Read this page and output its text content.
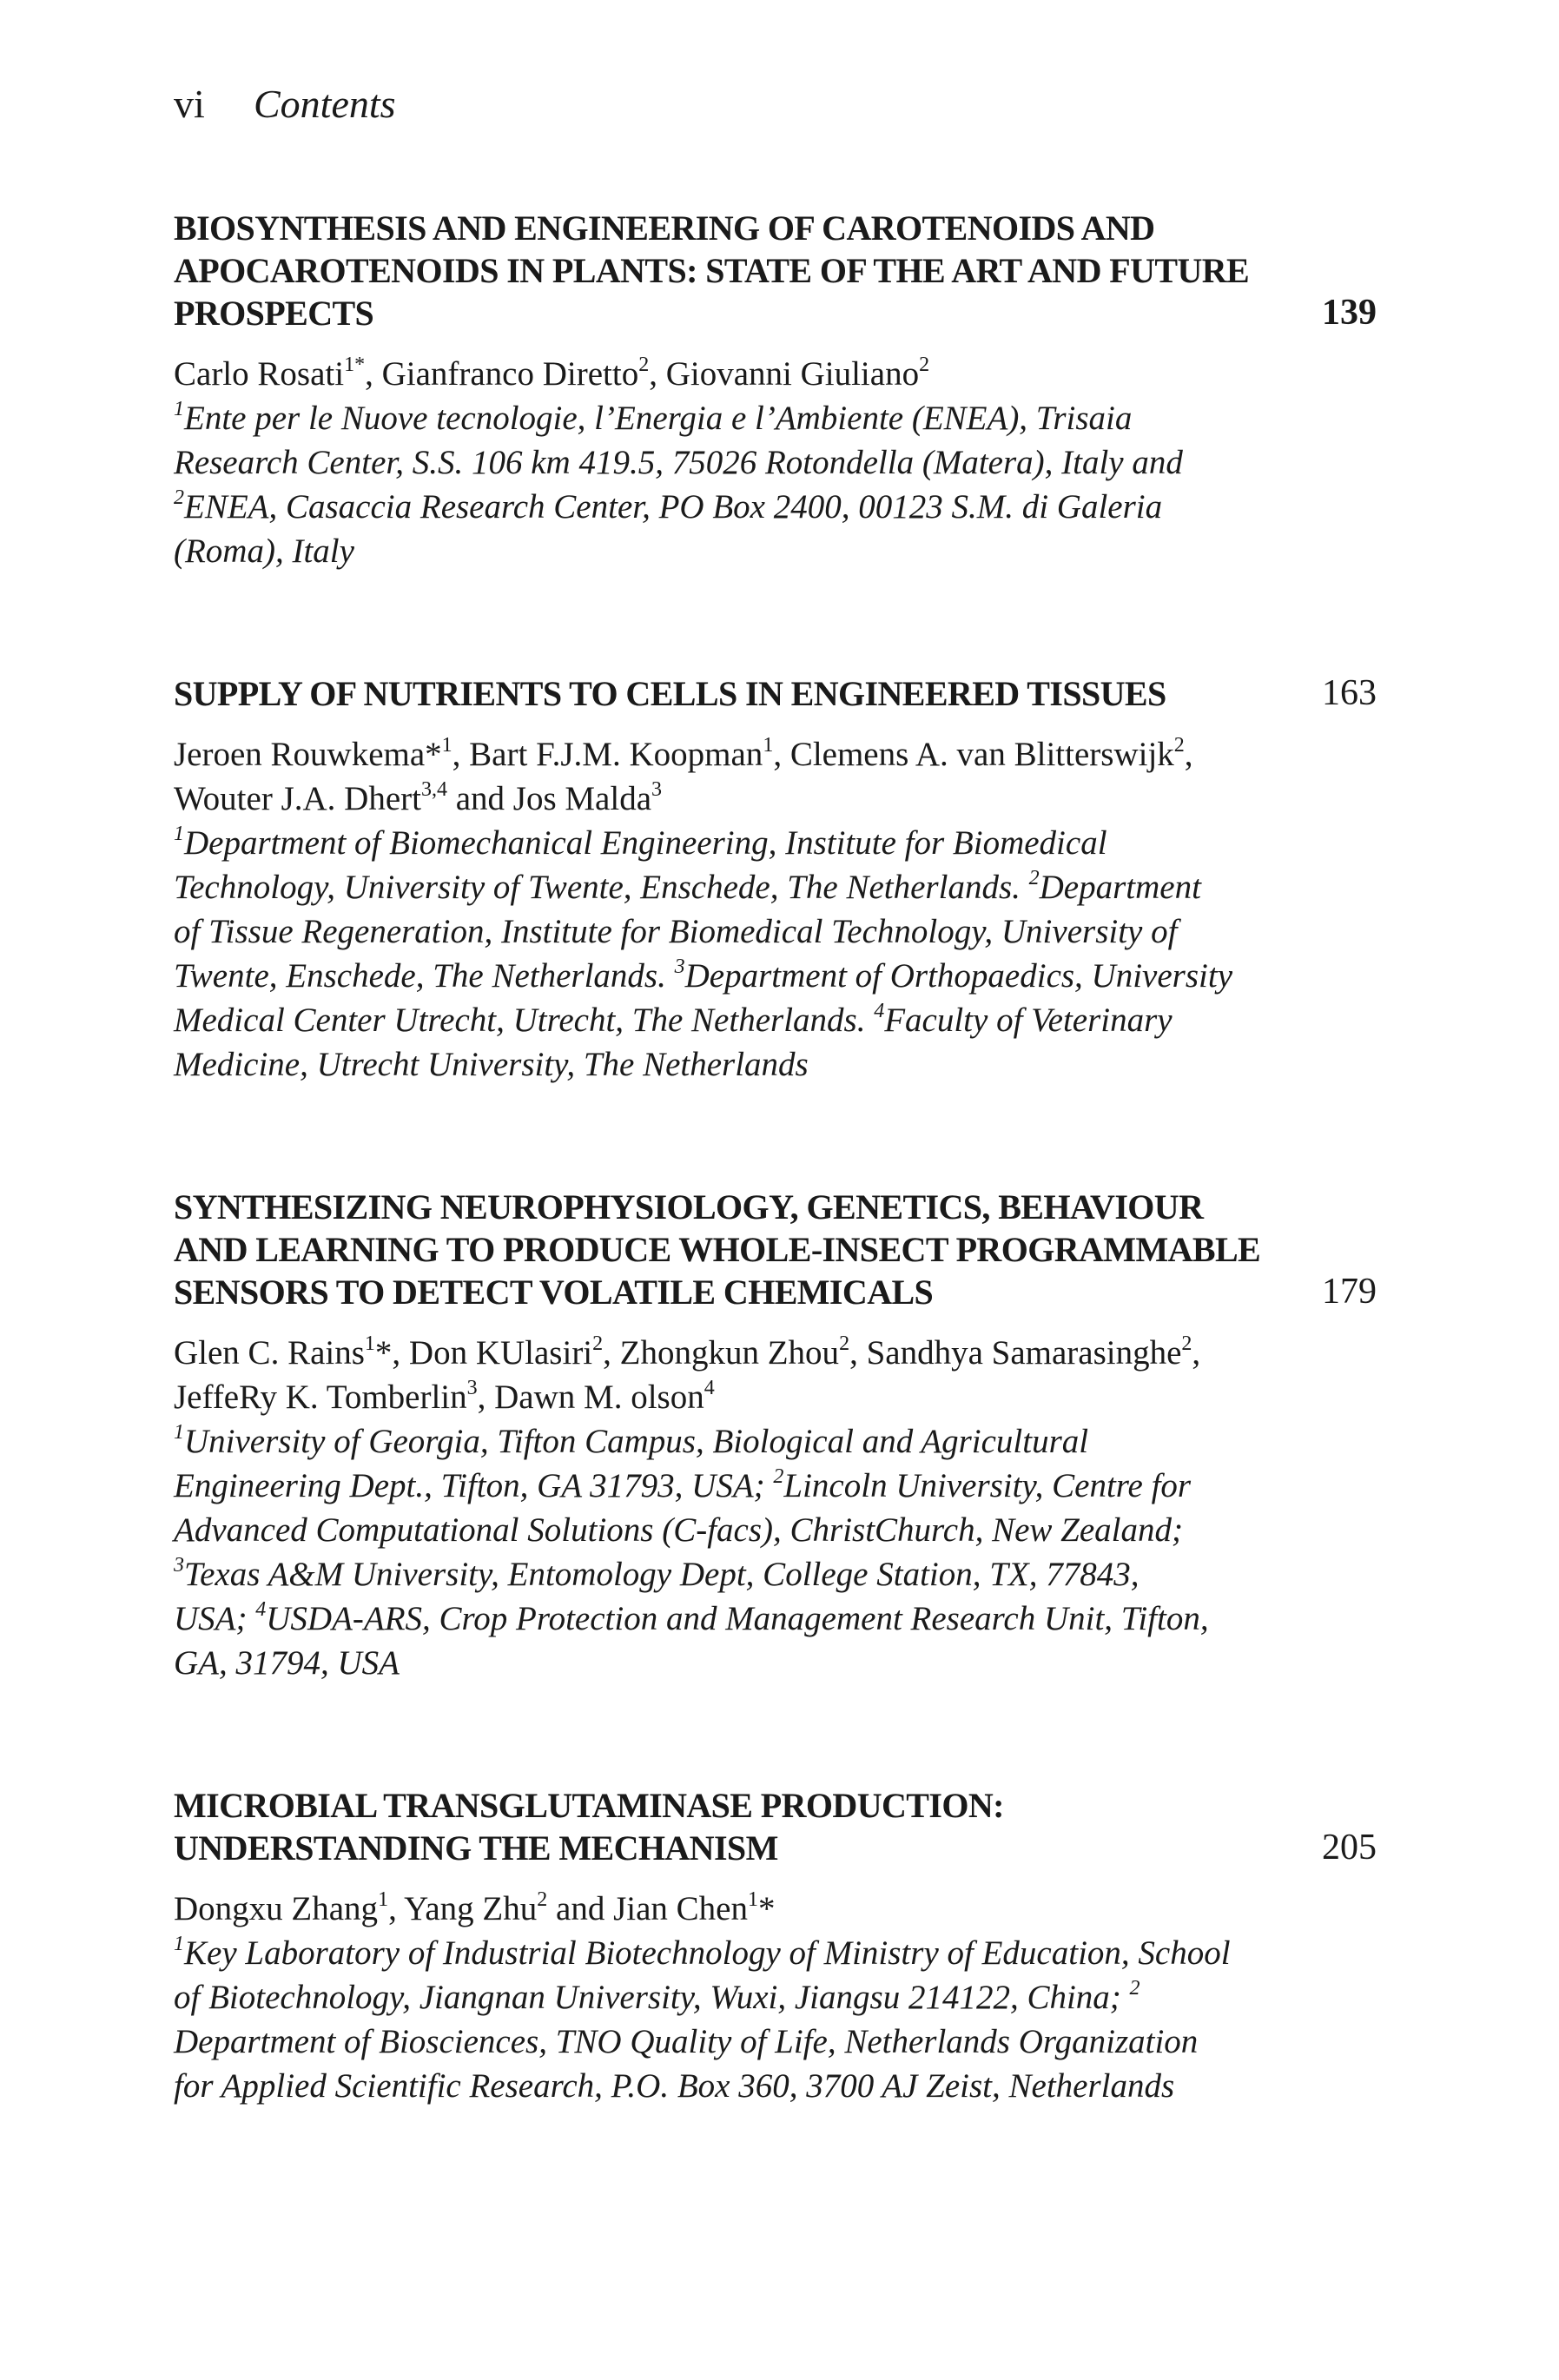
vi Contents
BIOSYNTHESIS AND ENGINEERING OF CAROTENOIDS AND
APOCAROTENOIDS IN PLANTS: STATE OF THE ART AND FUTURE
PROSPECTS	139
Carlo Rosati$^{1*}$, Gianfranco Diretto$^2$, Giovanni Giuliano$^2$
$^1$Ente per le Nuove tecnologie, l’Energia e l’Ambiente (ENEA), Trisaia
Research Center, S.S. 106 km 419.5, 75026 Rotondella (Matera), Italy and
$^2$ENEA, Casaccia Research Center, PO Box 2400, 00123 S.M. di Galeria
(Roma), Italy
SUPPLY OF NUTRIENTS TO CELLS IN ENGINEERED TISSUES	163
Jeroen Rouwkema*$^1$, Bart F.J.M. Koopman$^1$, Clemens A. van Blitterswijk$^2$,
Wouter J.A. Dhert$^{3,4}$ and Jos Malda$^3$
$^1$Department of Biomechanical Engineering, Institute for Biomedical
Technology, University of Twente, Enschede, The Netherlands. $^2$Department
of Tissue Regeneration, Institute for Biomedical Technology, University of
Twente, Enschede, The Netherlands. $^3$Department of Orthopaedics, University
Medical Center Utrecht, Utrecht, The Netherlands. $^4$Faculty of Veterinary
Medicine, Utrecht University, The Netherlands
SYNTHESIZING NEUROPHYSIOLOGY, GENETICS, BEHAVIOUR
AND LEARNING TO PRODUCE WHOLE-INSECT PROGRAMMABLE
SENSORS TO DETECT VOLATILE CHEMICALS	179
Glen C. Rains$^1$*, Don KUlasiri$^2$, Zhongkun Zhou$^2$, Sandhya Samarasinghe$^2$,
JeffeRy K. Tomberlin$^3$, Dawn M. olson$^4$
$^1$University of Georgia, Tifton Campus, Biological and Agricultural
Engineering Dept., Tifton, GA 31793, USA; $^2$Lincoln University, Centre for
Advanced Computational Solutions (C-facs), ChristChurch, New Zealand;
$^3$Texas A&M University, Entomology Dept, College Station, TX, 77843,
USA; $^4$USDA-ARS, Crop Protection and Management Research Unit, Tifton,
GA, 31794, USA
MICROBIAL TRANSGLUTAMINASE PRODUCTION:
UNDERSTANDING THE MECHANISM	205
Dongxu Zhang$^1$, Yang Zhu$^2$ and Jian Chen$^1$*
$^1$Key Laboratory of Industrial Biotechnology of Ministry of Education, School
of Biotechnology, Jiangnan University, Wuxi, Jiangsu 214122, China; $^2$
Department of Biosciences, TNO Quality of Life, Netherlands Organization
for Applied Scientific Research, P.O. Box 360, 3700 AJ Zeist, Netherlands
